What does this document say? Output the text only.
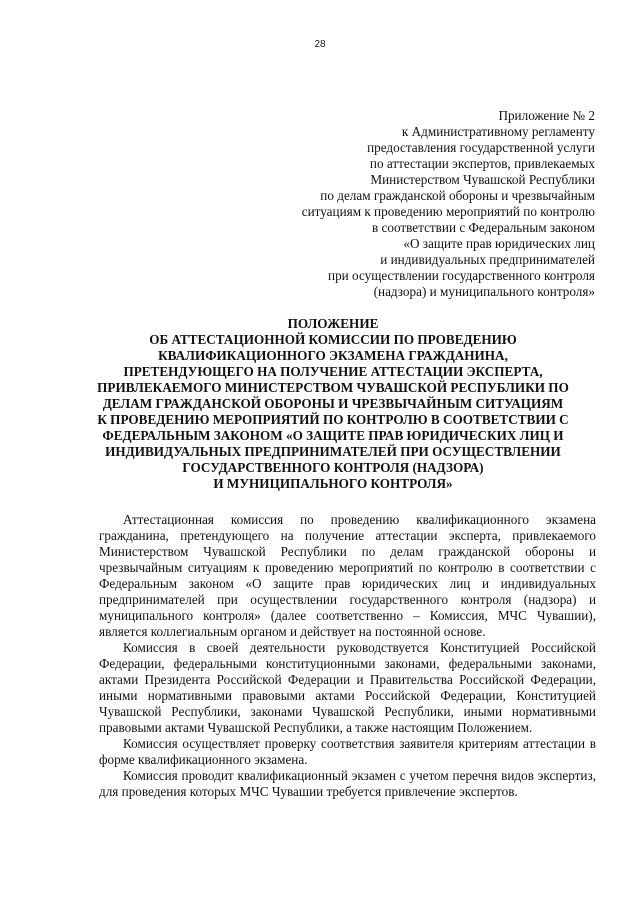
28
Приложение № 2
к Административному регламенту
предоставления государственной услуги
по аттестации экспертов, привлекаемых
Министерством Чувашской Республики
по делам гражданской обороны и чрезвычайным
ситуациям к проведению мероприятий по контролю
в соответствии с Федеральным законом
«О защите прав юридических лиц
и индивидуальных предпринимателей
при осуществлении государственного контроля
(надзора) и муниципального контроля»
ПОЛОЖЕНИЕ
ОБ АТТЕСТАЦИОННОЙ КОМИССИИ ПО ПРОВЕДЕНИЮ
КВАЛИФИКАЦИОННОГО ЭКЗАМЕНА ГРАЖДАНИНА,
ПРЕТЕНДУЮЩЕГО НА ПОЛУЧЕНИЕ АТТЕСТАЦИИ ЭКСПЕРТА,
ПРИВЛЕКАЕМОГО МИНИСТЕРСТВОМ ЧУВАШСКОЙ РЕСПУБЛИКИ ПО
ДЕЛАМ ГРАЖДАНСКОЙ ОБОРОНЫ И ЧРЕЗВЫЧАЙНЫМ СИТУАЦИЯМ
К ПРОВЕДЕНИЮ МЕРОПРИЯТИЙ ПО КОНТРОЛЮ В СООТВЕТСТВИИ С
ФЕДЕРАЛЬНЫМ ЗАКОНОМ «О ЗАЩИТЕ ПРАВ ЮРИДИЧЕСКИХ ЛИЦ И
ИНДИВИДУАЛЬНЫХ ПРЕДПРИНИМАТЕЛЕЙ ПРИ ОСУЩЕСТВЛЕНИИ
ГОСУДАРСТВЕННОГО КОНТРОЛЯ (НАДЗОРА)
И МУНИЦИПАЛЬНОГО КОНТРОЛЯ»

Аттестационная комиссия по проведению квалификационного экзамена гражданина, претендующего на получение аттестации эксперта, привлекаемого Министерством Чувашской Республики по делам гражданской обороны и чрезвычайным ситуациям к проведению мероприятий по контролю в соответствии с Федеральным законом «О защите прав юридических лиц и индивидуальных предпринимателей при осуществлении государственного контроля (надзора) и муниципального контроля» (далее соответственно – Комиссия, МЧС Чувашии), является коллегиальным органом и действует на постоянной основе.

Комиссия в своей деятельности руководствуется Конституцией Российской Федерации, федеральными конституционными законами, федеральными законами, актами Президента Российской Федерации и Правительства Российской Федерации, иными нормативными правовыми актами Российской Федерации, Конституцией Чувашской Республики, законами Чувашской Республики, иными нормативными правовыми актами Чувашской Республики, а также настоящим Положением.

Комиссия осуществляет проверку соответствия заявителя критериям аттестации в форме квалификационного экзамена.

Комиссия проводит квалификационный экзамен с учетом перечня видов экспертиз, для проведения которых МЧС Чувашии требуется привлечение экспертов.
